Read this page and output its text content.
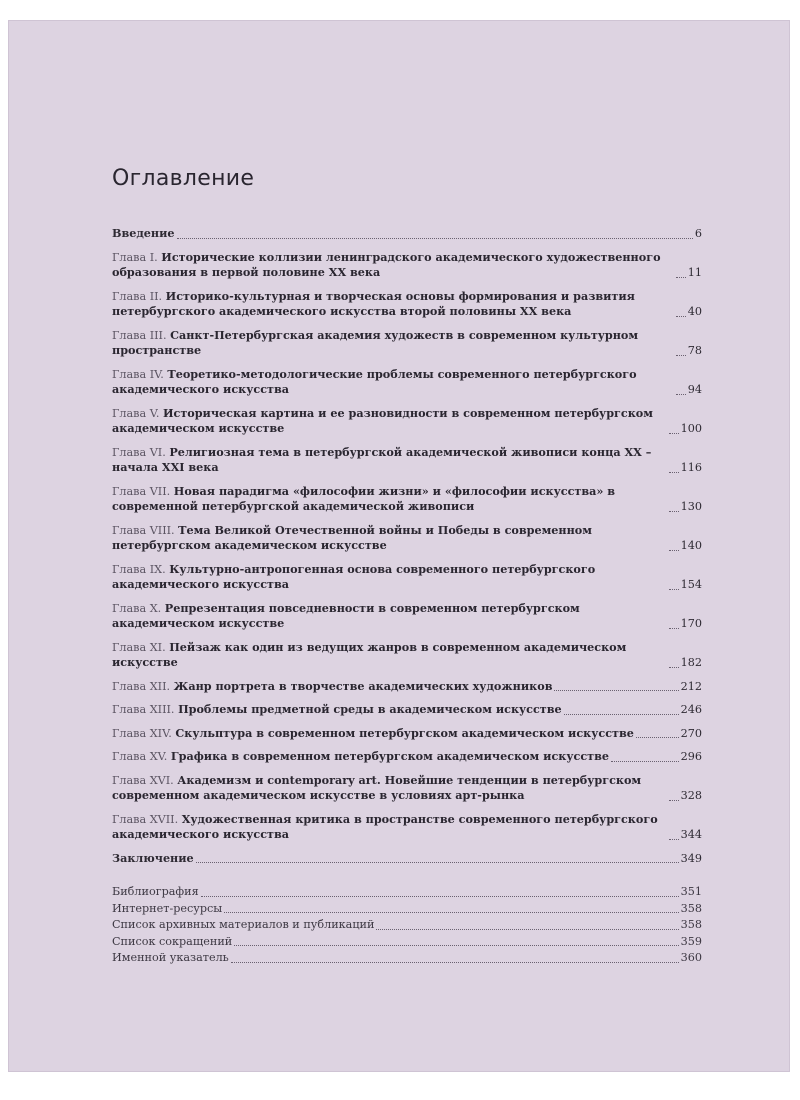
Оглавление
Введение	6
Глава I. Исторические коллизии ленинградского академического художественного образования в первой половине XX века	11
Глава II. Историко-культурная и творческая основы формирования и развития петербургского академического искусства второй половины XX века	40
Глава III. Санкт-Петербургская академия художеств в современном культурном пространстве	78
Глава IV. Теоретико-методологические проблемы современного петербургского академического искусства	94
Глава V. Историческая картина и ее разновидности в современном петербургском академическом искусстве	100
Глава VI. Религиозная тема в петербургской академической живописи конца XX – начала XXI века	116
Глава VII. Новая парадигма «философии жизни» и «философии искусства» в современной петербургской академической живописи	130
Глава VIII. Тема Великой Отечественной войны и Победы в современном петербургском академическом искусстве	140
Глава IX. Культурно-антропогенная основа современного петербургского академического искусства	154
Глава X. Репрезентация повседневности в современном петербургском академическом искусстве	170
Глава XI. Пейзаж как один из ведущих жанров в современном академическом искусстве	182
Глава XII. Жанр портрета в творчестве академических художников	212
Глава XIII. Проблемы предметной среды в академическом искусстве	246
Глава XIV. Скульптура в современном петербургском академическом искусстве	270
Глава XV. Графика в современном петербургском академическом искусстве	296
Глава XVI. Академизм и contemporary art. Новейшие тенденции в петербургском современном академическом искусстве в условиях арт-рынка	328
Глава XVII. Художественная критика в пространстве современного петербургского академического искусства	344
Заключение	349
Библиография	351
Интернет-ресурсы	358
Список архивных материалов и публикаций	358
Список сокращений	359
Именной указатель	360
